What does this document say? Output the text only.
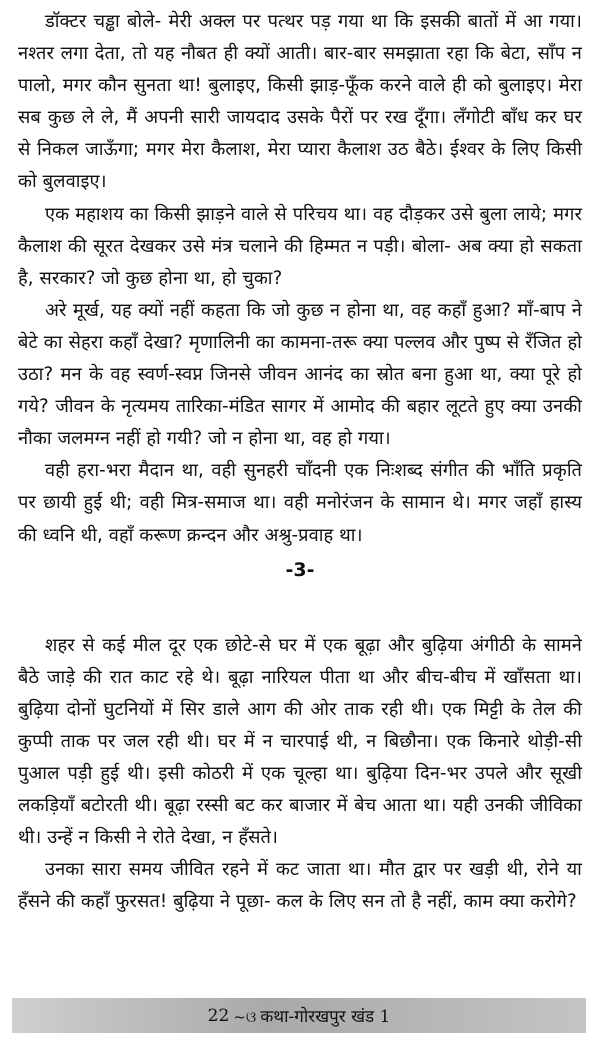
डॉक्टर चड्ढा बोले- मेरी अक्ल पर पत्थर पड़ गया था कि इसकी बातों में आ गया। नश्तर लगा देता, तो यह नौबत ही क्यों आती। बार-बार समझाता रहा कि बेटा, साँप न पालो, मगर कौन सुनता था! बुलाइए, किसी झाड़-फूँक करने वाले ही को बुलाइए। मेरा सब कुछ ले ले, मैं अपनी सारी जायदाद उसके पैरों पर रख दूँगा। लँगोटी बाँध कर घर से निकल जाऊँगा; मगर मेरा कैलाश, मेरा प्यारा कैलाश उठ बैठे। ईश्वर के लिए किसी को बुलवाइए।

एक महाशय का किसी झाड़ने वाले से परिचय था। वह दौड़कर उसे बुला लाये; मगर कैलाश की सूरत देखकर उसे मंत्र चलाने की हिम्मत न पड़ी। बोला- अब क्या हो सकता है, सरकार? जो कुछ होना था, हो चुका?

अरे मूर्ख, यह क्यों नहीं कहता कि जो कुछ न होना था, वह कहाँ हुआ? माँ-बाप ने बेटे का सेहरा कहाँ देखा? मृणालिनी का कामना-तरू क्या पल्लव और पुष्प से रँजित हो उठा? मन के वह स्वर्ण-स्वप्न जिनसे जीवन आनंद का स्रोत बना हुआ था, क्या पूरे हो गये? जीवन के नृत्यमय तारिका-मंडित सागर में आमोद की बहार लूटते हुए क्या उनकी नौका जलमग्न नहीं हो गयी? जो न होना था, वह हो गया।

वही हरा-भरा मैदान था, वही सुनहरी चाँदनी एक निःशब्द संगीत की भाँति प्रकृति पर छायी हुई थी; वही मित्र-समाज था। वही मनोरंजन के सामान थे। मगर जहाँ हास्य की ध्वनि थी, वहाँ करूण क्रन्दन और अश्रु-प्रवाह था।

-3-

शहर से कई मील दूर एक छोटे-से घर में एक बूढ़ा और बुढ़िया अंगीठी के सामने बैठे जाड़े की रात काट रहे थे। बूढ़ा नारियल पीता था और बीच-बीच में खाँसता था। बुढ़िया दोनों घुटनियों में सिर डाले आग की ओर ताक रही थी। एक मिट्टी के तेल की कुप्पी ताक पर जल रही थी। घर में न चारपाई थी, न बिछौना। एक किनारे थोड़ी-सी पुआल पड़ी हुई थी। इसी कोठरी में एक चूल्हा था। बुढ़िया दिन-भर उपले और सूखी लकड़ियाँ बटोरती थी। बूढ़ा रस्सी बट कर बाजार में बेच आता था। यही उनकी जीविका थी। उन्हें न किसी ने रोते देखा, न हँसते।

उनका सारा समय जीवित रहने में कट जाता था। मौत द्वार पर खड़ी थी, रोने या हँसने की कहाँ फुरसत! बुढ़िया ने पूछा- कल के लिए सन तो है नहीं, काम क्या करोगे?

22 ~ଓ कथा-गोरखपुर खंड 1
